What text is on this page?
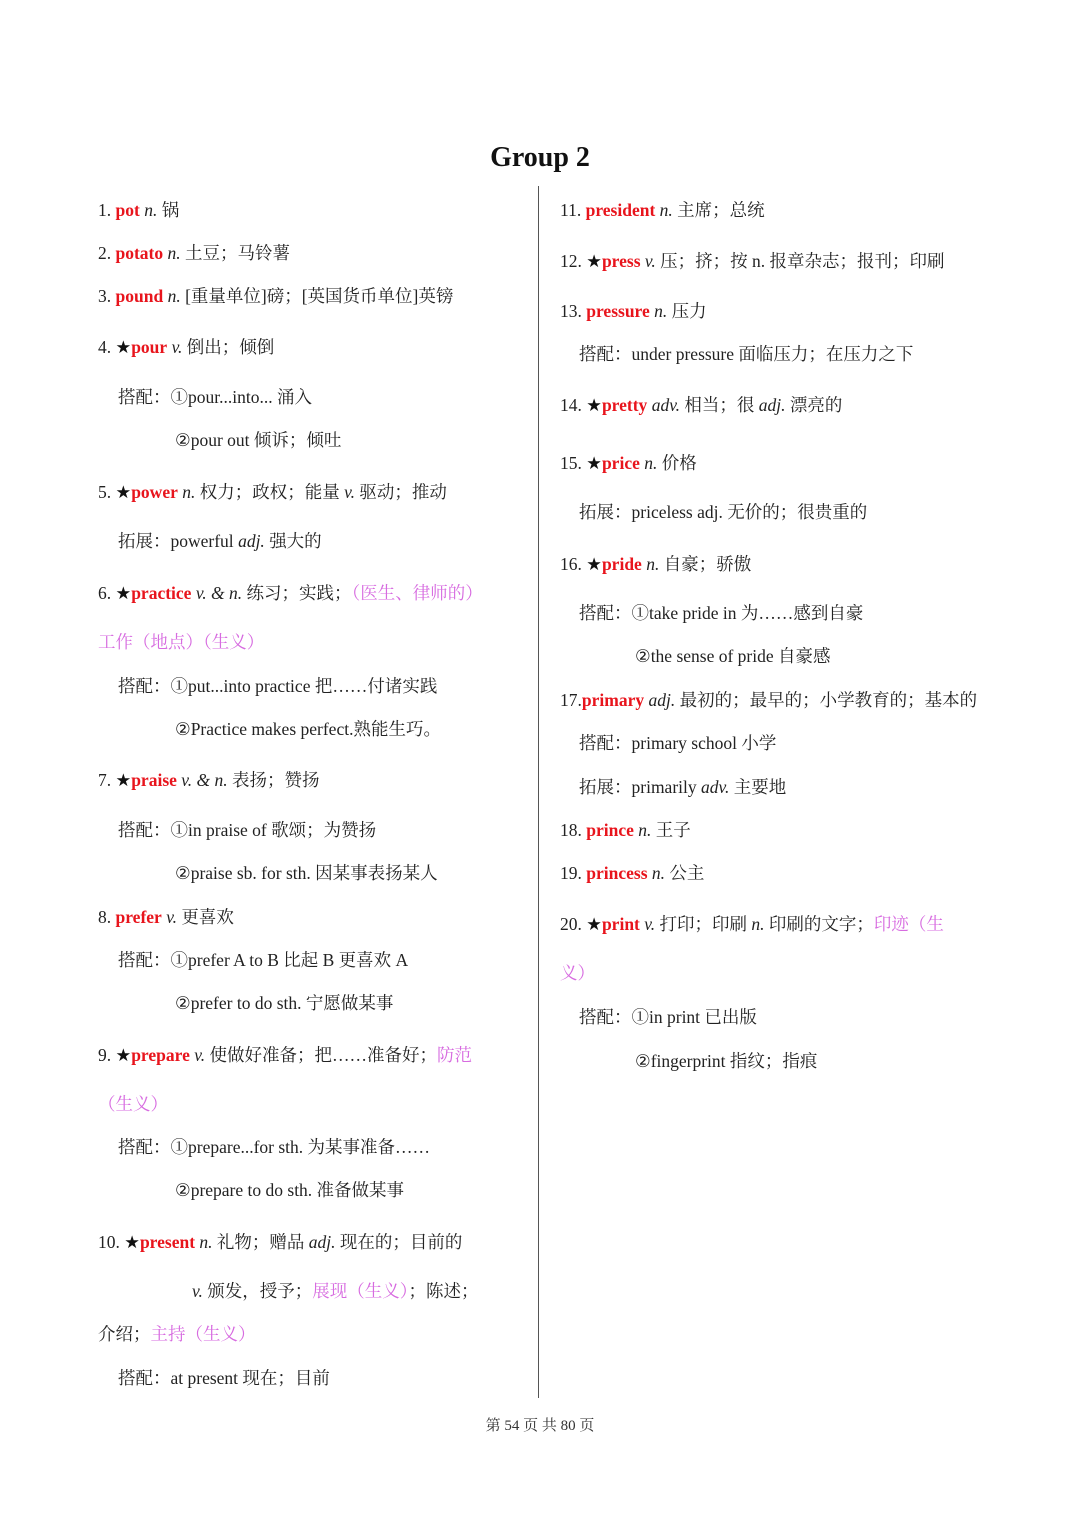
Group 2
1. pot n. 锅
2. potato n. 土豆；马铃薯
3. pound n. [重量单位]磅；[英国货币单位]英镑
4. ★pour v. 倒出；倾倒
搭配：①pour...into... 涌入
②pour out 倾诉；倾吐
5. ★power n. 权力；政权；能量 v. 驱动；推动
拓展：powerful adj. 强大的
6. ★practice v. & n. 练习；实践；（医生、律师的）
工作（地点）（生义）
搭配：①put...into practice 把……付诸实践
②Practice makes perfect.熟能生巧。
7. ★praise v. & n. 表扬；赞扬
搭配：①in praise of 歌颂；为赞扬
②praise sb. for sth. 因某事表扬某人
8. prefer v. 更喜欢
搭配：①prefer A to B 比起 B 更喜欢 A
②prefer to do sth. 宁愿做某事
9. ★prepare v. 使做好准备；把……准备好；防范
（生义）
搭配：①prepare...for sth. 为某事准备……
②prepare to do sth. 准备做某事
10. ★present n. 礼物；赠品 adj. 现在的；目前的
v. 颁发，授予；展现（生义）；陈述；
介绍；主持（生义）
搭配：at present 现在；目前
11. president n. 主席；总统
12. ★press v. 压；挤；按 n. 报章杂志；报刊；印刷
13. pressure n. 压力
搭配：under pressure 面临压力；在压力之下
14. ★pretty adv. 相当；很 adj. 漂亮的
15. ★price n. 价格
拓展：priceless adj. 无价的；很贵重的
16. ★pride n. 自豪；骄傲
搭配：①take pride in 为……感到自豪
②the sense of pride 自豪感
17.primary adj. 最初的；最早的；小学教育的；基本的
搭配：primary school 小学
拓展：primarily adv. 主要地
18. prince n. 王子
19. princess n. 公主
20. ★print v. 打印；印刷 n. 印刷的文字；印迹（生
义）
搭配：①in print 已出版
②fingerprint 指纹；指痕
第 54 页 共 80 页
